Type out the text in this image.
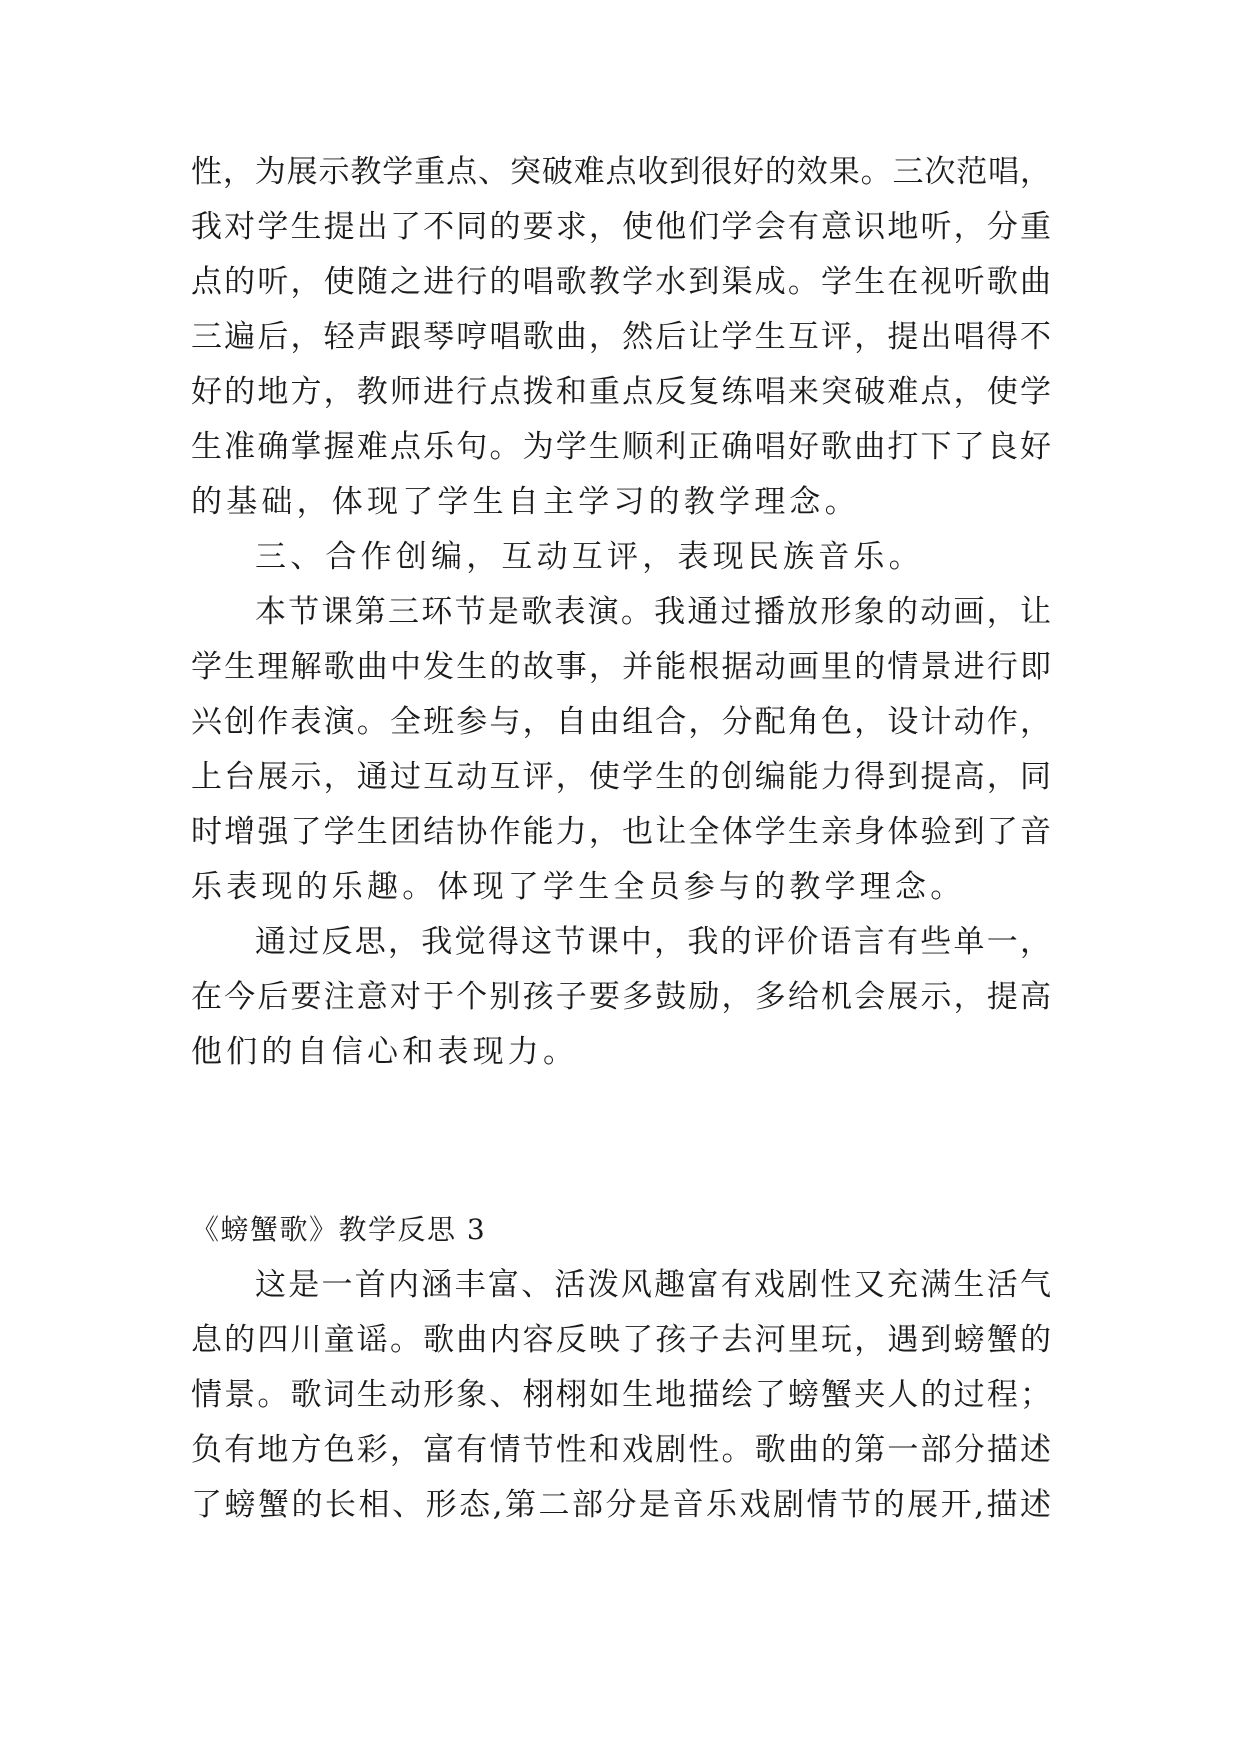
性，为展示教学重点、突破难点收到很好的效果。三次范唱，
我对学生提出了不同的要求，使他们学会有意识地听，分重
点的听，使随之进行的唱歌教学水到渠成。学生在视听歌曲
三遍后，轻声跟琴哼唱歌曲，然后让学生互评，提出唱得不
好的地方，教师进行点拨和重点反复练唱来突破难点，使学
生准确掌握难点乐句。为学生顺利正确唱好歌曲打下了良好
的基础，体现了学生自主学习的教学理念。
三、合作创编，互动互评，表现民族音乐。
本节课第三环节是歌表演。我通过播放形象的动画，让
学生理解歌曲中发生的故事，并能根据动画里的情景进行即
兴创作表演。全班参与，自由组合，分配角色，设计动作，
上台展示，通过互动互评，使学生的创编能力得到提高，同
时增强了学生团结协作能力，也让全体学生亲身体验到了音
乐表现的乐趣。体现了学生全员参与的教学理念。
通过反思，我觉得这节课中，我的评价语言有些单一，
在今后要注意对于个别孩子要多鼓励，多给机会展示，提高
他们的自信心和表现力。
《螃蟹歌》教学反思 3
这是一首内涵丰富、活泼风趣富有戏剧性又充满生活气
息的四川童谣。歌曲内容反映了孩子去河里玩，遇到螃蟹的
情景。歌词生动形象、栩栩如生地描绘了螃蟹夹人的过程；
负有地方色彩，富有情节性和戏剧性。歌曲的第一部分描述
了螃蟹的长相、形态,第二部分是音乐戏剧情节的展开,描述
